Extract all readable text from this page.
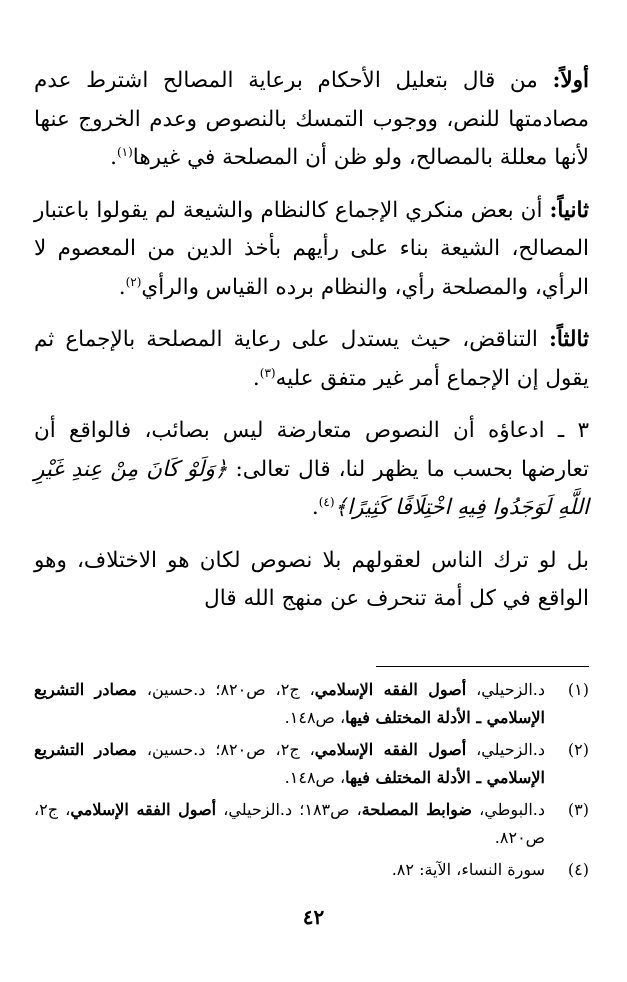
أولاً: من قال بتعليل الأحكام برعاية المصالح اشترط عدم مصادمتها للنص، ووجوب التمسك بالنصوص وعدم الخروج عنها لأنها معللة بالمصالح، ولو ظن أن المصلحة في غيرها$^{(١)}$.

ثانياً: أن بعض منكري الإجماع كالنظام والشيعة لم يقولوا باعتبار المصالح، الشيعة بناء على رأيهم بأخذ الدين من المعصوم لا الرأي، والمصلحة رأي، والنظام برده القياس والرأي$^{(٢)}$.

ثالثاً: التناقض، حيث يستدل على رعاية المصلحة بالإجماع ثم يقول إن الإجماع أمر غير متفق عليه$^{(٣)}$.

٣ ـ ادعاؤه أن النصوص متعارضة ليس بصائب، فالواقع أن تعارضها بحسب ما يظهر لنا، قال تعالى: ﴿وَلَوْ كَانَ مِنْ عِندِ غَيْرِ اللَّهِ لَوَجَدُوا فِيهِ اخْتِلَافًا كَثِيرًا﴾$^{(٤)}$.

بل لو ترك الناس لعقولهم بلا نصوص لكان هو الاختلاف، وهو الواقع في كل أمة تنحرف عن منهج الله قال

(١)
د.الزحيلي، أصول الفقه الإسلامي، ج٢، ص٨٢٠؛ د.حسين، مصادر التشريع الإسلامي ـ الأدلة المختلف فيها، ص١٤٨.
(٢)
د.الزحيلي، أصول الفقه الإسلامي، ج٢، ص٨٢٠؛ د.حسين، مصادر التشريع الإسلامي ـ الأدلة المختلف فيها، ص١٤٨.
(٣)
د.البوطي، ضوابط المصلحة، ص١٨٣؛ د.الزحيلي، أصول الفقه الإسلامي، ج٢، ص٨٢٠.
(٤)
سورة النساء، الآية: ٨٢.
٤٢
